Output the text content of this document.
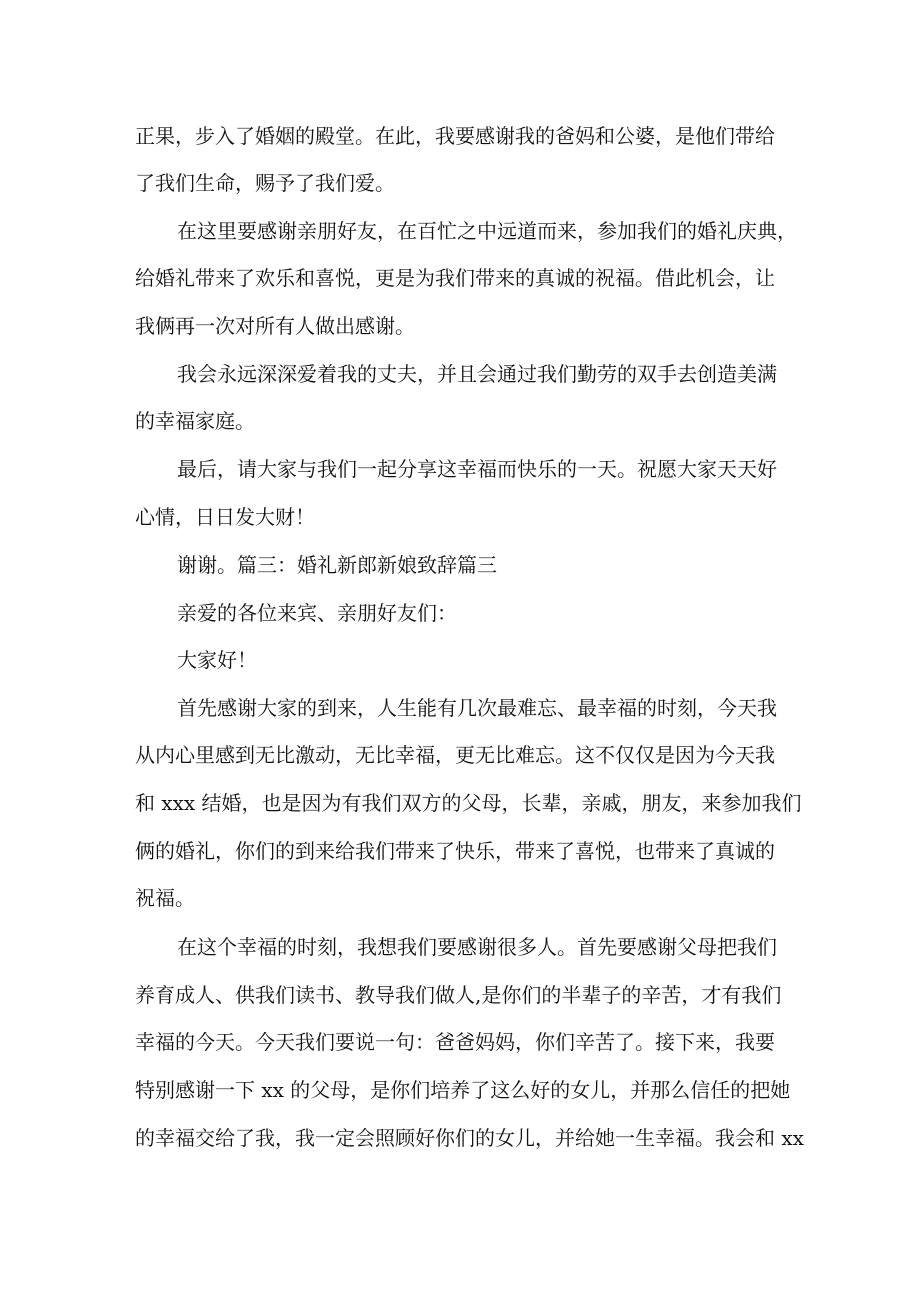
正果，步入了婚姻的殿堂。在此，我要感谢我的爸妈和公婆，是他们带给
了我们生命，赐予了我们爱。
在这里要感谢亲朋好友，在百忙之中远道而来，参加我们的婚礼庆典，
给婚礼带来了欢乐和喜悦，更是为我们带来的真诚的祝福。借此机会，让
我俩再一次对所有人做出感谢。
我会永远深深爱着我的丈夫，并且会通过我们勤劳的双手去创造美满
的幸福家庭。
最后，请大家与我们一起分享这幸福而快乐的一天。祝愿大家天天好
心情，日日发大财！
谢谢。篇三：婚礼新郎新娘致辞篇三
亲爱的各位来宾、亲朋好友们：
大家好！
首先感谢大家的到来，人生能有几次最难忘、最幸福的时刻，今天我
从内心里感到无比激动，无比幸福，更无比难忘。这不仅仅是因为今天我
和 xxx 结婚，也是因为有我们双方的父母，长辈，亲戚，朋友，来参加我们
俩的婚礼，你们的到来给我们带来了快乐，带来了喜悦，也带来了真诚的
祝福。
在这个幸福的时刻，我想我们要感谢很多人。首先要感谢父母把我们
养育成人、供我们读书、教导我们做人,是你们的半辈子的辛苦，才有我们
幸福的今天。今天我们要说一句：爸爸妈妈，你们辛苦了。接下来，我要
特别感谢一下 xx 的父母，是你们培养了这么好的女儿，并那么信任的把她
的幸福交给了我，我一定会照顾好你们的女儿，并给她一生幸福。我会和 xx
